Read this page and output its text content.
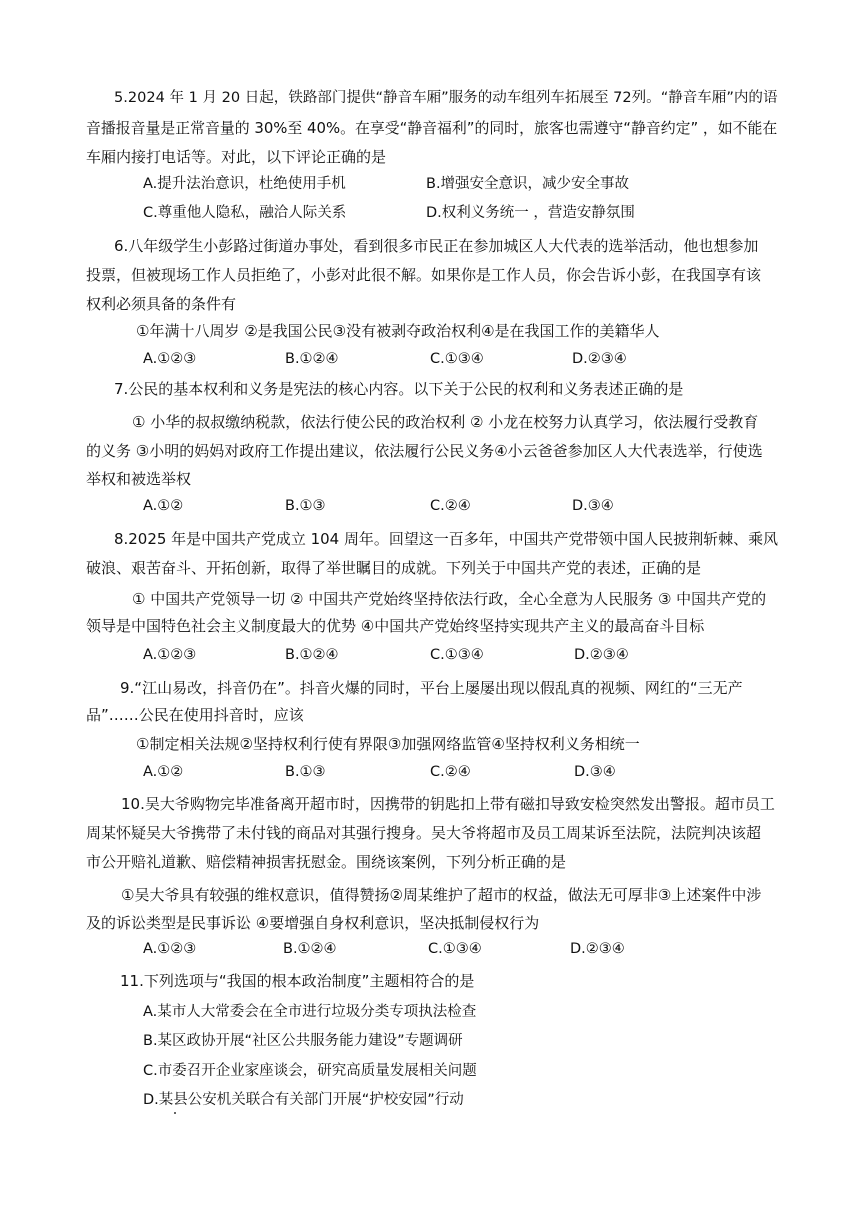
5.2024 年 1 月 20 日起，铁路部门提供“静音车厢”服务的动车组列车拓展至 72列。“静音车厢”内的语
音播报音量是正常音量的 30%至 40%。在享受“静音福利”的同时，旅客也需遵守“静音约定” ，如不能在
车厢内接打电话等。对此，以下评论正确的是
A.提升法治意识，杜绝使用手机	B.增强安全意识，减少安全事故
C.尊重他人隐私，融洽人际关系	D.权利义务统一 ，营造安静氛围
6.八年级学生小彭路过街道办事处，看到很多市民正在参加城区人大代表的选举活动，他也想参加
投票，但被现场工作人员拒绝了，小彭对此很不解。如果你是工作人员，你会告诉小彭，在我国享有该
权利必须具备的条件有
①年满十八周岁 ②是我国公民③没有被剥夺政治权利④是在我国工作的美籍华人
A.①②③	B.①②④	C.①③④	D.②③④
7.公民的基本权利和义务是宪法的核心内容。以下关于公民的权利和义务表述正确的是
① 小华的叔叔缴纳税款，依法行使公民的政治权利 ② 小龙在校努力认真学习，依法履行受教育
的义务 ③小明的妈妈对政府工作提出建议，依法履行公民义务④小云爸爸参加区人大代表选举，行使选
举权和被选举权
A.①②	B.①③	C.②④	D.③④
8.2025 年是中国共产党成立 104 周年。回望这一百多年，中国共产党带领中国人民披荆斩棘、乘风
破浪、艰苦奋斗、开拓创新，取得了举世瞩目的成就。下列关于中国共产党的表述，正确的是
① 中国共产党领导一切 ② 中国共产党始终坚持依法行政，全心全意为人民服务 ③ 中国共产党的
领导是中国特色社会主义制度最大的优势 ④中国共产党始终坚持实现共产主义的最高奋斗目标
A.①②③	B.①②④	C.①③④	D.②③④
9.“江山易改，抖音仍在”。抖音火爆的同时，平台上屡屡出现以假乱真的视频、网红的“三无产
品”……公民在使用抖音时，应该
①制定相关法规②坚持权利行使有界限③加强网络监管④坚持权利义务相统一
A.①②	B.①③	C.②④	D.③④
10.吴大爷购物完毕准备离开超市时，因携带的钥匙扣上带有磁扣导致安检突然发出警报。超市员工
周某怀疑吴大爷携带了未付钱的商品对其强行搜身。吴大爷将超市及员工周某诉至法院，法院判决该超
市公开赔礼道歉、赔偿精神损害抚慰金。围绕该案例，下列分析正确的是
①吴大爷具有较强的维权意识，值得赞扬②周某维护了超市的权益，做法无可厚非③上述案件中涉
及的诉讼类型是民事诉讼 ④要增强自身权利意识，坚决抵制侵权行为
A.①②③	B.①②④	C.①③④	D.②③④
11.下列选项与“我国的根本政治制度”主题相符合的是
A.某市人大常委会在全市进行垃圾分类专项执法检查
B.某区政协开展“社区公共服务能力建设”专题调研
C.市委召开企业家座谈会，研究高质量发展相关问题
D.某县公安机关联合有关部门开展“护校安园”行动
